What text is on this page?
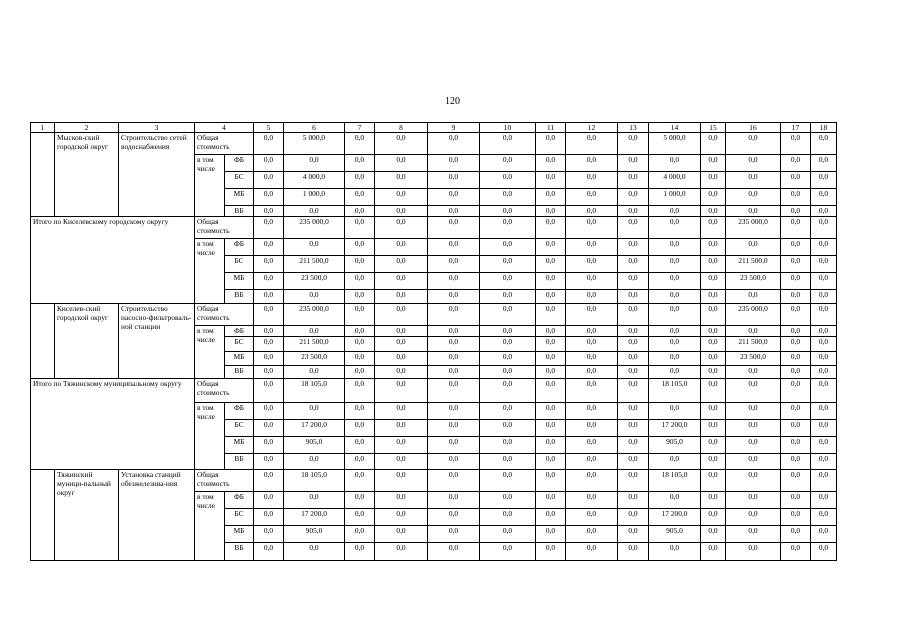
120
1	2	3	4		5	6	7	8	9	10	11	12	13	14	15	16	17	18
	Мысков-ский городской округ	Строительство сетей водоснабжения	Общая стоимость		0,0	5 000,0	0,0	0,0	0,0	0,0	0,0	0,0	0,0	5 000,0	0,0	0,0	0,0	0,0
			в том числе	ФБ	0,0	0,0	0,0	0,0	0,0	0,0	0,0	0,0	0,0	0,0	0,0	0,0	0,0	0,0
				БС	0,0	4 000,0	0,0	0,0	0,0	0,0	0,0	0,0	0,0	4 000,0	0,0	0,0	0,0	0,0
				МБ	0,0	1 000,0	0,0	0,0	0,0	0,0	0,0	0,0	0,0	1 000,0	0,0	0,0	0,0	0,0
				ВБ	0,0	0,0	0,0	0,0	0,0	0,0	0,0	0,0	0,0	0,0	0,0	0,0	0,0	0,0
Итого по Киселевскому городскому округу			Общая стоимость		0,0	235 000,0	0,0	0,0	0,0	0,0	0,0	0,0	0,0	0,0	0,0	235 000,0	0,0	0,0
			в том числе	ФБ	0,0	0,0	0,0	0,0	0,0	0,0	0,0	0,0	0,0	0,0	0,0	0,0	0,0	0,0
				БС	0,0	211 500,0	0,0	0,0	0,0	0,0	0,0	0,0	0,0	0,0	0,0	211 500,0	0,0	0,0
				МБ	0,0	23 500,0	0,0	0,0	0,0	0,0	0,0	0,0	0,0	0,0	0,0	23 500,0	0,0	0,0
				ВБ	0,0	0,0	0,0	0,0	0,0	0,0	0,0	0,0	0,0	0,0	0,0	0,0	0,0	0,0
	Киселев-ский городской округ	Строительство насосно-фильтроваль-ной станции	Общая стоимость		0,0	235 000,0	0,0	0,0	0,0	0,0	0,0	0,0	0,0	0,0	0,0	235 000,0	0,0	0,0
			в том числе	ФБ	0,0	0,0	0,0	0,0	0,0	0,0	0,0	0,0	0,0	0,0	0,0	0,0	0,0	0,0
				БС	0,0	211 500,0	0,0	0,0	0,0	0,0	0,0	0,0	0,0	0,0	0,0	211 500,0	0,0	0,0
				МБ	0,0	23 500,0	0,0	0,0	0,0	0,0	0,0	0,0	0,0	0,0	0,0	23 500,0	0,0	0,0
				ВБ	0,0	0,0	0,0	0,0	0,0	0,0	0,0	0,0	0,0	0,0	0,0	0,0	0,0	0,0
Итого по Тяжинскому муниципальному округу			Общая стоимость		0,0	18 105,0	0,0	0,0	0,0	0,0	0,0	0,0	0,0	18 105,0	0,0	0,0	0,0	0,0
			в том числе	ФБ	0,0	0,0	0,0	0,0	0,0	0,0	0,0	0,0	0,0	0,0	0,0	0,0	0,0	0,0
				БС	0,0	17 200,0	0,0	0,0	0,0	0,0	0,0	0,0	0,0	17 200,0	0,0	0,0	0,0	0,0
				МБ	0,0	905,0	0,0	0,0	0,0	0,0	0,0	0,0	0,0	905,0	0,0	0,0	0,0	0,0
				ВБ	0,0	0,0	0,0	0,0	0,0	0,0	0,0	0,0	0,0	0,0	0,0	0,0	0,0	0,0
	Тяжинский муници-пальный округ	Установка станций обезжелезива-ния	Общая стоимость		0,0	18 105,0	0,0	0,0	0,0	0,0	0,0	0,0	0,0	18 105,0	0,0	0,0	0,0	0,0
			в том числе	ФБ	0,0	0,0	0,0	0,0	0,0	0,0	0,0	0,0	0,0	0,0	0,0	0,0	0,0	0,0
				БС	0,0	17 200,0	0,0	0,0	0,0	0,0	0,0	0,0	0,0	17 200,0	0,0	0,0	0,0	0,0
				МБ	0,0	905,0	0,0	0,0	0,0	0,0	0,0	0,0	0,0	905,0	0,0	0,0	0,0	0,0
				ВБ	0,0	0,0	0,0	0,0	0,0	0,0	0,0	0,0	0,0	0,0	0,0	0,0	0,0	0,0
